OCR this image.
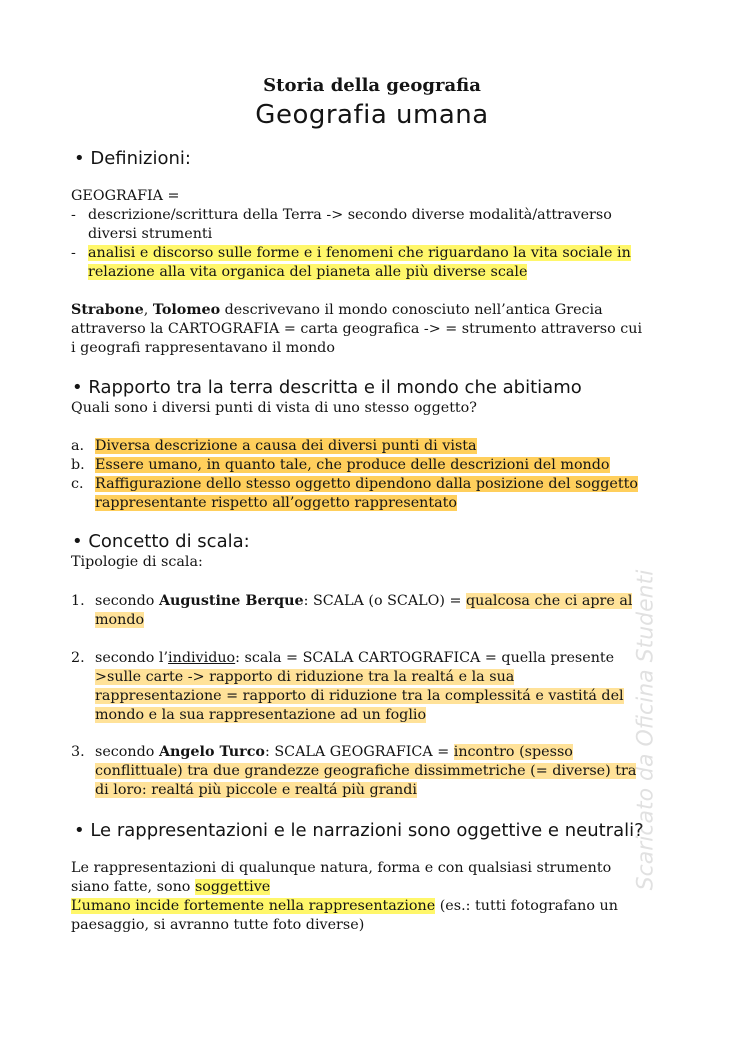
Storia della geografia
Geografia umana
• Definizioni:
GEOGRAFIA =
- descrizione/scrittura della Terra -> secondo diverse modalità/attraverso
diversi strumenti
- analisi e discorso sulle forme e i fenomeni che riguardano la vita sociale in
relazione alla vita organica del pianeta alle più diverse scale
Strabone, Tolomeo descrivevano il mondo conosciuto nell’antica Grecia
attraverso la CARTOGRAFIA = carta geografica -> = strumento attraverso cui
i geografi rappresentavano il mondo
• Rapporto tra la terra descritta e il mondo che abitiamo
Quali sono i diversi punti di vista di uno stesso oggetto?
a. Diversa descrizione a causa dei diversi punti di vista
b. Essere umano, in quanto tale, che produce delle descrizioni del mondo
c. Raffigurazione dello stesso oggetto dipendono dalla posizione del soggetto
rappresentante rispetto all’oggetto rappresentato
• Concetto di scala:
Tipologie di scala:
1. secondo Augustine Berque: SCALA (o SCALO) = qualcosa che ci apre al
mondo
2. secondo l’individuo: scala = SCALA CARTOGRAFICA = quella presente
>sulle carte -> rapporto di riduzione tra la realtá e la sua
rappresentazione = rapporto di riduzione tra la complessitá e vastitá del
mondo e la sua rappresentazione ad un foglio
3. secondo Angelo Turco: SCALA GEOGRAFICA = incontro (spesso
conflittuale) tra due grandezze geografiche dissimmetriche (= diverse) tra
di loro: realtá più piccole e realtá più grandi
• Le rappresentazioni e le narrazioni sono oggettive e neutrali?
Le rappresentazioni di qualunque natura, forma e con qualsiasi strumento
siano fatte, sono soggettive
L’umano incide fortemente nella rappresentazione (es.: tutti fotografano un
paesaggio, si avranno tutte foto diverse)
Scaricato da Oficina Studenti
